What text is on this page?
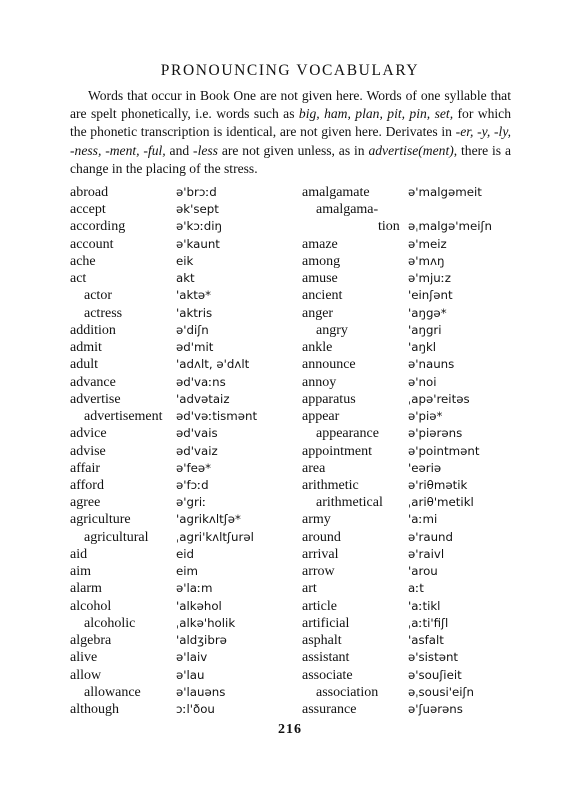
PRONOUNCING VOCABULARY
Words that occur in Book One are not given here. Words of one syllable that are spelt phonetically, i.e. words such as big, ham, plan, pit, pin, set, for which the phonetic transcription is identical, are not given here. Derivates in -er, -y, -ly, -ness, -ment, -ful, and -less are not given unless, as in advertise(ment), there is a change in the placing of the stress.
abroad	ə'brɔːd
accept	ək'sept
according	ə'kɔːdiŋ
account	ə'kaunt
ache	eik
act	akt
actor	'aktə*
actress	'aktris
addition	ə'diʃn
admit	əd'mit
adult	'adʌlt, ə'dʌlt
advance	əd'vaːns
advertise	'advətaiz
advertisement əd'vəːtismənt
advice	əd'vais
advise	əd'vaiz
affair	ə'feə*
afford	ə'fɔːd
agree	ə'griː
agriculture	'agrikʌltʃə*
agricultural ˌagri'kʌltʃurəl
aid	eid
aim	eim
alarm	ə'laːm
alcohol	'alkəhol
alcoholic	ˌalkə'holik
algebra	'aldʒibrə
alive	ə'laiv
allow	ə'lau
allowance	ə'lauəns
although	ɔːl'ðou
amalgamate	ə'malgəmeit
amalgama-
tion əˌmalgə'meiʃn
amaze	ə'meiz
among	ə'mʌŋ
amuse	ə'mjuːz
ancient	'einʃənt
anger	'aŋgə*
angry	'aŋgri
ankle	'aŋkl
announce	ə'nauns
annoy	ə'noi
apparatus	ˌapə'reitəs
appear	ə'piə*
appearance ə'piərəns
appointment	ə'pointmənt
area	'eəriə
arithmetic	ə'riθmətik
arithmetical ˌariθ'metikl
army	'aːmi
around	ə'raund
arrival	ə'raivl
arrow	'arou
art	aːt
article	'aːtikl
artificial	ˌaːti'fiʃl
asphalt	'asfalt
assistant	ə'sistənt
associate	ə'souʃieit
association	əˌsousi'eiʃn
assurance	ə'ʃuərəns
216
